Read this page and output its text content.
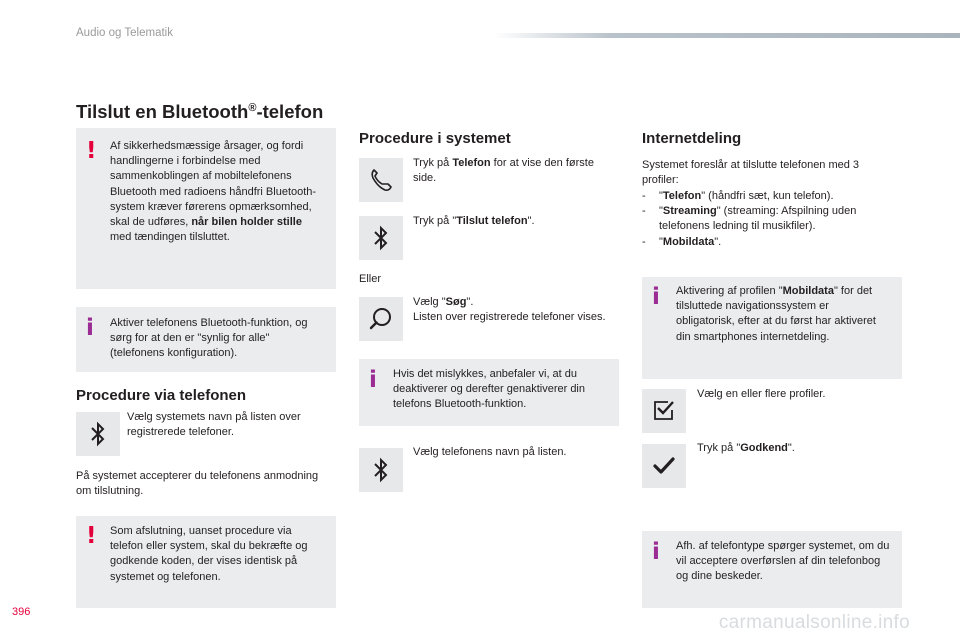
Audio og Telematik
Tilslut en Bluetooth®-telefon
! Af sikkerhedsmæssige årsager, og fordi handlingerne i forbindelse med sammenkoblingen af mobiltelefonens Bluetooth med radioens håndfri Bluetooth-system kræver førerens opmærksomhed, skal de udføres, når bilen holder stille med tændingen tilsluttet.
i Aktiver telefonens Bluetooth-funktion, og sørg for at den er "synlig for alle" (telefonens konfiguration).
Procedure via telefonen
Vælg systemets navn på listen over registrerede telefoner.
På systemet accepterer du telefonens anmodning om tilslutning.
! Som afslutning, uanset procedure via telefon eller system, skal du bekræfte og godkende koden, der vises identisk på systemet og telefonen.
Procedure i systemet
Tryk på Telefon for at vise den første side.
Tryk på "Tilslut telefon".
Eller
Vælg "Søg".
Listen over registrerede telefoner vises.
i Hvis det mislykkes, anbefaler vi, at du deaktiverer og derefter genaktiverer din telefons Bluetooth-funktion.
Vælg telefonens navn på listen.
Internetdeling
Systemet foreslår at tilslutte telefonen med 3 profiler:
-	"Telefon" (håndfri sæt, kun telefon).
-	"Streaming" (streaming: Afspilning uden telefonens ledning til musikfiler).
-	"Mobildata".
i Aktivering af profilen "Mobildata" for det tilsluttede navigationssystem er obligatorisk, efter at du først har aktiveret din smartphones internetdeling.
Vælg en eller flere profiler.
Tryk på "Godkend".
i Afh. af telefontype spørger systemet, om du vil acceptere overførslen af din telefonbog og dine beskeder.
396	carmanualsonline.info
